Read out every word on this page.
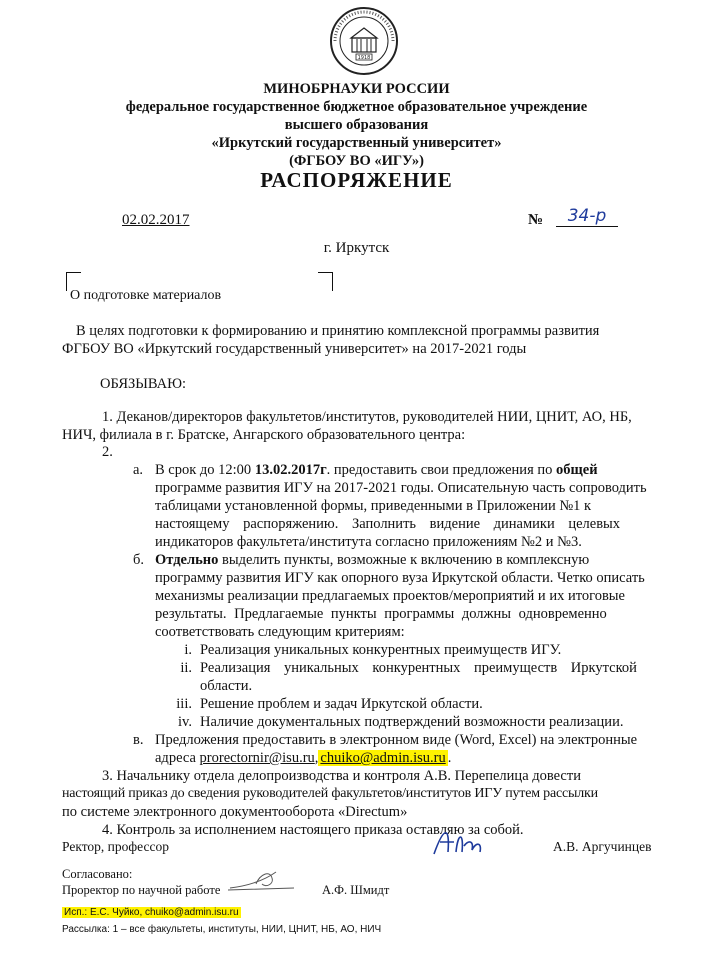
1918
МИНОБРНАУКИ РОССИИ
федеральное государственное бюджетное образовательное учреждение
высшего образования
«Иркутский государственный университет»
(ФГБОУ ВО «ИГУ»)
РАСПОРЯЖЕНИЕ
02.02.2017	№	34-р
г. Иркутск
О подготовке материалов
В целях подготовки к формированию и принятию комплексной программы развития
ФГБОУ ВО «Иркутский государственный университет» на 2017-2021 годы
ОБЯЗЫВАЮ:
1. Деканов/директоров факультетов/институтов, руководителей НИИ, ЦНИТ, АО, НБ,
НИЧ, филиала в г. Братске, Ангарского образовательного центра:
2.
a. В срок до 12:00 13.02.2017г. предоставить свои предложения по общей
программе развития ИГУ на 2017-2021 годы. Описательную часть сопроводить
таблицами установленной формы, приведенными в Приложении №1 к
настоящему распоряжению. Заполнить видение динамики целевых
индикаторов факультета/института согласно приложениям №2 и №3.
б. Отдельно выделить пункты, возможные к включению в комплексную
программу развития ИГУ как опорного вуза Иркутской области. Четко описать
механизмы реализации предлагаемых проектов/мероприятий и их итоговые
результаты. Предлагаемые пункты программы должны одновременно
соответствовать следующим критериям:
i. Реализация уникальных конкурентных преимуществ ИГУ.
ii. Реализация уникальных конкурентных преимуществ Иркутской
области.
iii. Решение проблем и задач Иркутской области.
iv. Наличие документальных подтверждений возможности реализации.
в. Предложения предоставить в электронном виде (Word, Excel) на электронные
адреса prorectornir@isu.ru, chuiko@admin.isu.ru .
3. Начальнику отдела делопроизводства и контроля А.В. Перепелица довести
настоящий приказ до сведения руководителей факультетов/институтов ИГУ путем рассылки
по системе электронного документооборота «Directum»
4. Контроль за исполнением настоящего приказа оставляю за собой.
Ректор, профессор	А.В. Аргучинцев
Согласовано:
Проректор по научной работе	А.Ф. Шмидт
Исп.: Е.С. Чуйко, chuiko@admin.isu.ru
Рассылка: 1 – все факультеты, институты, НИИ, ЦНИТ, НБ, АО, НИЧ
